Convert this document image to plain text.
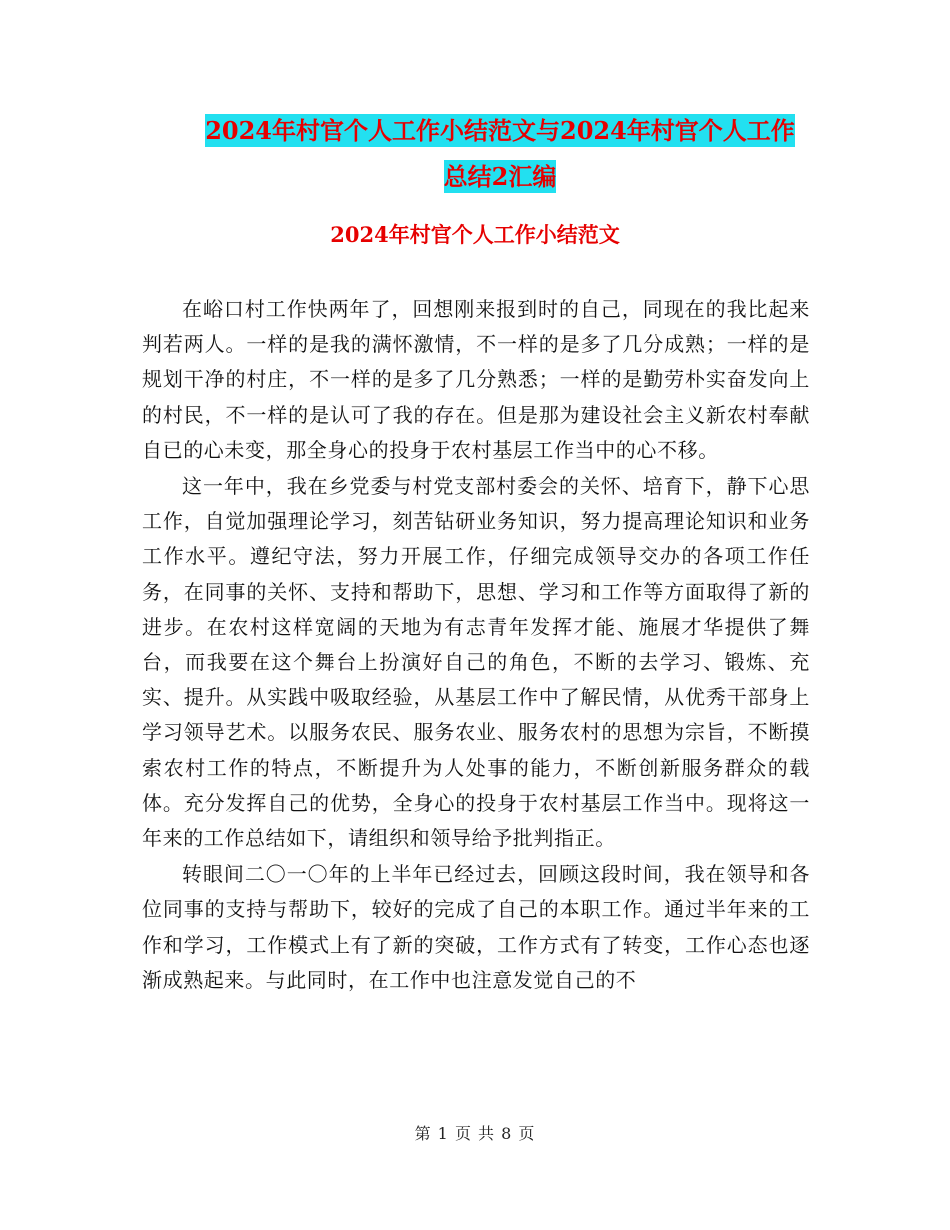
2024年村官个人工作小结范文与2024年村官个人工作
总结2汇编
2024年村官个人工作小结范文

在峪口村工作快两年了，回想刚来报到时的自己，同现在的我比起来判若两人。一样的是我的满怀激情，不一样的是多了几分成熟；一样的是规划干净的村庄，不一样的是多了几分熟悉；一样的是勤劳朴实奋发向上的村民，不一样的是认可了我的存在。但是那为建设社会主义新农村奉献自已的心未变，那全身心的投身于农村基层工作当中的心不移。

这一年中，我在乡党委与村党支部村委会的关怀、培育下，静下心思工作，自觉加强理论学习，刻苦钻研业务知识，努力提高理论知识和业务工作水平。遵纪守法，努力开展工作，仔细完成领导交办的各项工作任务，在同事的关怀、支持和帮助下，思想、学习和工作等方面取得了新的进步。在农村这样宽阔的天地为有志青年发挥才能、施展才华提供了舞台，而我要在这个舞台上扮演好自己的角色，不断的去学习、锻炼、充实、提升。从实践中吸取经验，从基层工作中了解民情，从优秀干部身上学习领导艺术。以服务农民、服务农业、服务农村的思想为宗旨，不断摸索农村工作的特点，不断提升为人处事的能力，不断创新服务群众的载体。充分发挥自己的优势，全身心的投身于农村基层工作当中。现将这一年来的工作总结如下，请组织和领导给予批判指正。

转眼间二〇一〇年的上半年已经过去，回顾这段时间，我在领导和各位同事的支持与帮助下，较好的完成了自己的本职工作。通过半年来的工作和学习，工作模式上有了新的突破，工作方式有了转变，工作心态也逐渐成熟起来。与此同时，在工作中也注意发觉自己的不

第 1 页 共 8 页
